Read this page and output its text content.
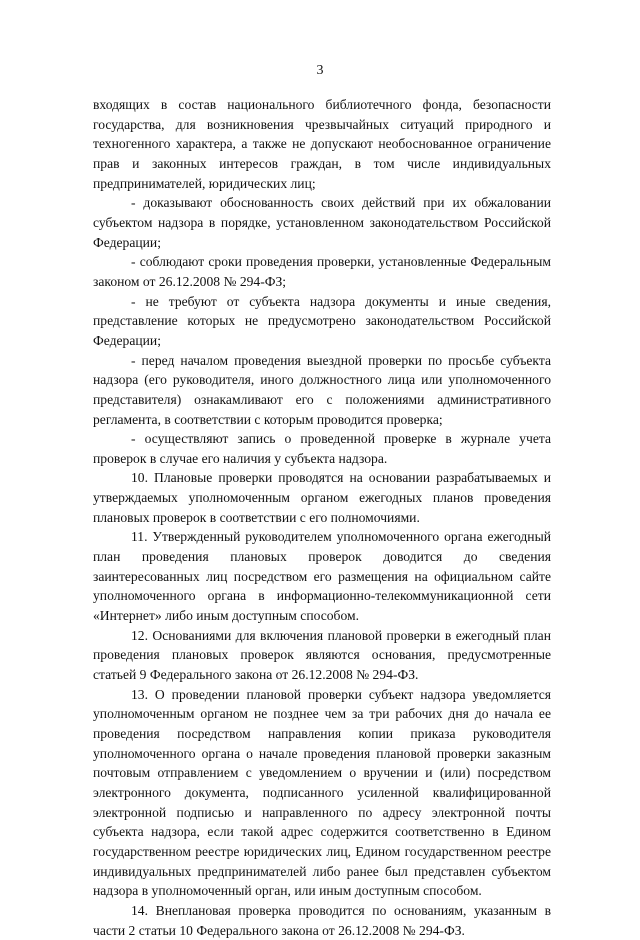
3

входящих в состав национального библиотечного фонда, безопасности государства, для возникновения чрезвычайных ситуаций природного и техногенного характера, а также не допускают необоснованное ограничение прав и законных интересов граждан, в том числе индивидуальных предпринимателей, юридических лиц;

- доказывают обоснованность своих действий при их обжаловании субъектом надзора в порядке, установленном законодательством Российской Федерации;

- соблюдают сроки проведения проверки, установленные Федеральным законом от 26.12.2008 № 294-ФЗ;

- не требуют от субъекта надзора документы и иные сведения, представление которых не предусмотрено законодательством Российской Федерации;

- перед началом проведения выездной проверки по просьбе субъекта надзора (его руководителя, иного должностного лица или уполномоченного представителя) ознакамливают его с положениями административного регламента, в соответствии с которым проводится проверка;

- осуществляют запись о проведенной проверке в журнале учета проверок в случае его наличия у субъекта надзора.

10. Плановые проверки проводятся на основании разрабатываемых и утверждаемых уполномоченным органом ежегодных планов проведения плановых проверок в соответствии с его полномочиями.

11. Утвержденный руководителем уполномоченного органа ежегодный план проведения плановых проверок доводится до сведения заинтересованных лиц посредством его размещения на официальном сайте уполномоченного органа в информационно-телекоммуникационной сети «Интернет» либо иным доступным способом.

12. Основаниями для включения плановой проверки в ежегодный план проведения плановых проверок являются основания, предусмотренные статьей 9 Федерального закона от 26.12.2008 № 294-ФЗ.

13. О проведении плановой проверки субъект надзора уведомляется уполномоченным органом не позднее чем за три рабочих дня до начала ее проведения посредством направления копии приказа руководителя уполномоченного органа о начале проведения плановой проверки заказным почтовым отправлением с уведомлением о вручении и (или) посредством электронного документа, подписанного усиленной квалифицированной электронной подписью и направленного по адресу электронной почты субъекта надзора, если такой адрес содержится соответственно в Едином государственном реестре юридических лиц, Едином государственном реестре индивидуальных предпринимателей либо ранее был представлен субъектом надзора в уполномоченный орган, или иным доступным способом.

14. Внеплановая проверка проводится по основаниям, указанным в части 2 статьи 10 Федерального закона от 26.12.2008 № 294-ФЗ.
